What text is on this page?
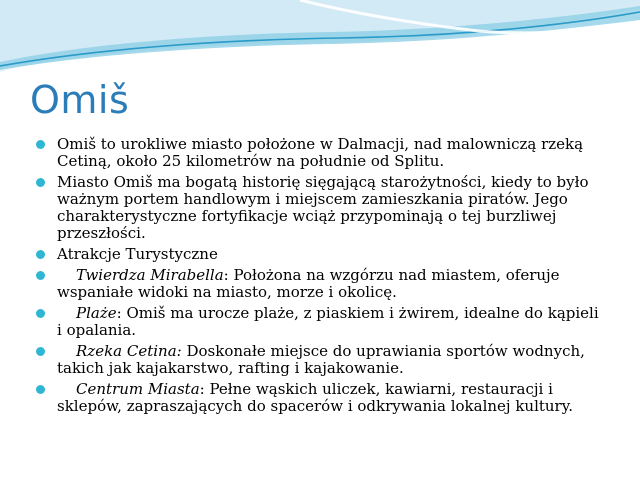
Omiš
Omiš to urokliwe miasto położone w Dalmacji, nad malowniczą rzeką Cetiną, około 25 kilometrów na południe od Splitu.
Miasto Omiš ma bogatą historię sięgającą starożytności, kiedy to było ważnym portem handlowym i miejscem zamieszkania piratów. Jego charakterystyczne fortyfikacje wciąż przypominają o tej burzliwej przeszłości.
Atrakcje Turystyczne
Twierdza Mirabella: Położona na wzgórzu nad miastem, oferuje wspaniałe widoki na miasto, morze i okolicę.
Plaże: Omiš ma urocze plaże, z piaskiem i żwirem, idealne do kąpieli i opalania.
Rzeka Cetina: Doskonałe miejsce do uprawiania sportów wodnych, takich jak kajakarstwo, rafting i kajakowanie.
Centrum Miasta: Pełne wąskich uliczek, kawiarni, restauracji i sklepów, zapraszających do spacerów i odkrywania lokalnej kultury.
